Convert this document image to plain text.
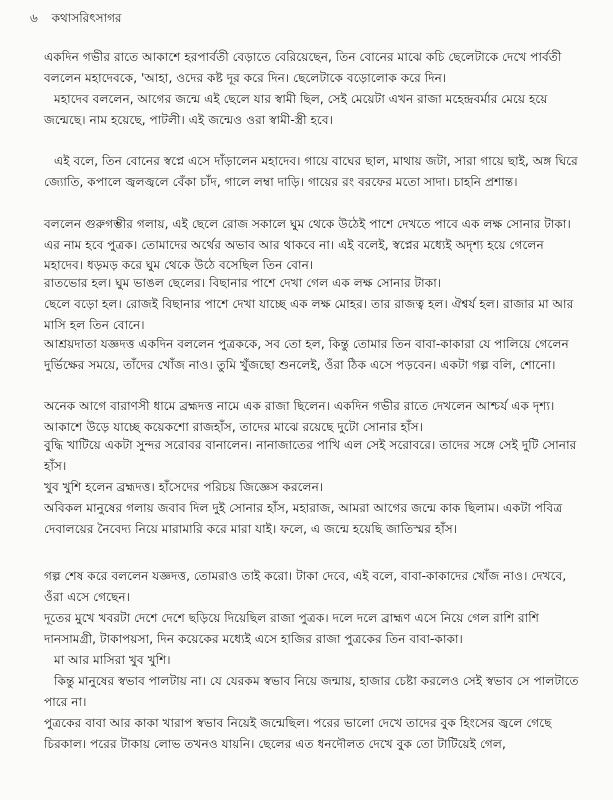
৬ কথাসরিৎসাগর

একদিন গভীর রাতে আকাশে হরপার্বতী বেড়াতে বেরিয়েছেন, তিন বোনের মাঝে কচি ছেলেটাকে দেখে পার্বতী বললেন মহাদেবকে, 'আহা, ওদের কষ্ট দূর করে দিন। ছেলেটাকে বড়োলোক করে দিন।

মহাদেব বললেন, আগের জন্মে এই ছেলে যার স্বামী ছিল, সেই মেয়েটা এখন রাজা মহেন্দ্রবর্মার মেয়ে হয়ে জন্মেছে। নাম হয়েছে, পাটলী। এই জন্মেও ওরা স্বামী-স্ত্রী হবে।

এই বলে, তিন বোনের স্বপ্নে এসে দাঁড়ালেন মহাদেব। গায়ে বাঘের ছাল, মাথায় জটা, সারা গায়ে ছাই, অঙ্গ ঘিরে জ্যোতি, কপালে জ্বলজ্বলে বেঁকা চাঁদ, গালে লম্বা দাড়ি। গায়ের রং বরফের মতো সাদা। চাহনি প্রশান্ত।

বললেন গুরুগম্ভীর গলায়, এই ছেলে রোজ সকালে ঘুম থেকে উঠেই পাশে দেখতে পাবে এক লক্ষ সোনার টাকা। এর নাম হবে পুত্রক। তোমাদের অর্থের অভাব আর থাকবে না। এই বলেই, স্বপ্নের মধ্যেই অদৃশ্য হয়ে গেলেন মহাদেব। ধড়মড় করে ঘুম থেকে উঠে বসেছিল তিন বোন।

রাতভোর হল। ঘুম ভাঙল ছেলের। বিছানার পাশে দেখা গেল এক লক্ষ সোনার টাকা।

ছেলে বড়ো হল। রোজই বিছানার পাশে দেখা যাচ্ছে এক লক্ষ মোহর। তার রাজত্ব হল। ঐশ্বর্য হল। রাজার মা আর মাসি হল তিন বোনে।

আশ্রয়দাতা যজ্ঞদত্ত একদিন বললেন পুত্রককে, সব তো হল, কিন্তু তোমার তিন বাবা-কাকারা যে পালিয়ে গেলেন দুর্ভিক্ষের সময়ে, তাঁদের খোঁজ নাও। তুমি খুঁজছো শুনলেই, ওঁরা ঠিক এসে পড়বেন। একটা গল্প বলি, শোনো।

অনেক আগে বারাণসী ধামে ব্রহ্মদত্ত নামে এক রাজা ছিলেন। একদিন গভীর রাতে দেখলেন আশ্চর্য এক দৃশ্য। আকাশে উড়ে যাচ্ছে কয়েকশো রাজহাঁস, তাদের মাঝে রয়েছে দুটো সোনার হাঁস।

বুদ্ধি খাটিয়ে একটা সুন্দর সরোবর বানালেন। নানাজাতের পাখি এল সেই সরোবরে। তাদের সঙ্গে সেই দুটি সোনার হাঁস।

খুব খুশি হলেন ব্রহ্মদত্ত। হাঁসেদের পরিচয় জিজ্ঞেস করলেন।

অবিকল মানুষের গলায় জবাব দিল দুই সোনার হাঁস, মহারাজ, আমরা আগের জন্মে কাক ছিলাম। একটা পবিত্র দেবালয়ের নৈবেদ্য নিয়ে মারামারি করে মারা যাই। ফলে, এ জন্মে হয়েছি জাতিস্মর হাঁস।

গল্প শেষ করে বললেন যজ্ঞদত্ত, তোমরাও তাই করো। টাকা দেবে, এই বলে, বাবা-কাকাদের খোঁজ নাও। দেখবে, ওঁরা এসে গেছেন।

দূতের মুখে খবরটা দেশে দেশে ছড়িয়ে দিয়েছিল রাজা পুত্রক। দলে দলে ব্রাহ্মণ এসে নিয়ে গেল রাশি রাশি দানসামগ্রী, টাকাপয়সা, দিন কয়েকের মধ্যেই এসে হাজির রাজা পুত্রকের তিন বাবা-কাকা।

মা আর মাসিরা খুব খুশি।

কিন্তু মানুষের স্বভাব পালটায় না। যে যেরকম স্বভাব নিয়ে জন্মায়, হাজার চেষ্টা করলেও সেই স্বভাব সে পালটাতে পারে না।

পুত্রকের বাবা আর কাকা খারাপ স্বভাব নিয়েই জন্মেছিল। পরের ভালো দেখে তাদের বুক হিংসের জ্বলে গেছে চিরকাল। পরের টাকায় লোভ তখনও যায়নি। ছেলের এত ধনদৌলত দেখে বুক তো টাটিয়েই গেল,
